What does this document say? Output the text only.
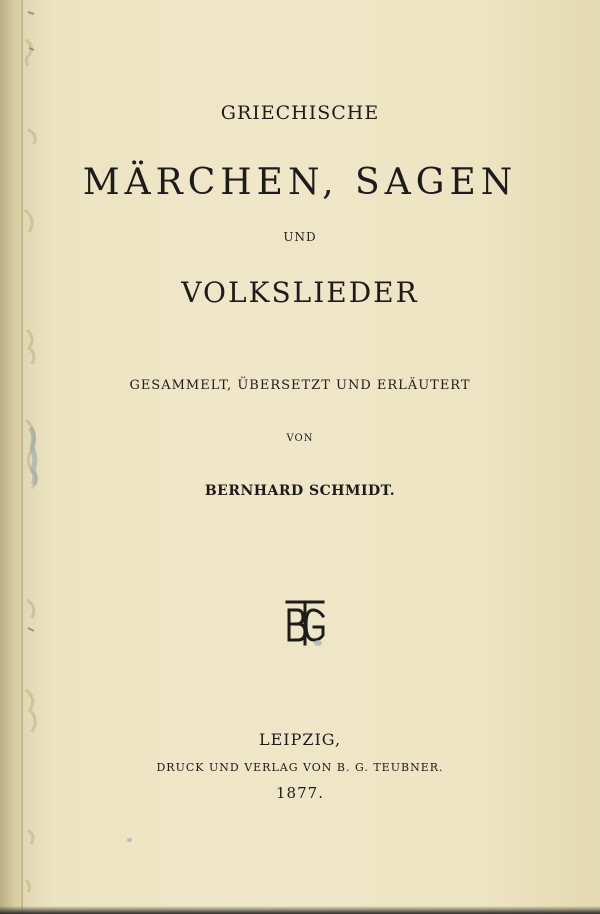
GRIECHISCHE
MÄRCHEN, SAGEN
UND
VOLKSLIEDER
GESAMMELT, ÜBERSETZT UND ERLÄUTERT
VON
BERNHARD SCHMIDT.
LEIPZIG,
DRUCK UND VERLAG VON B. G. TEUBNER.
1877.
